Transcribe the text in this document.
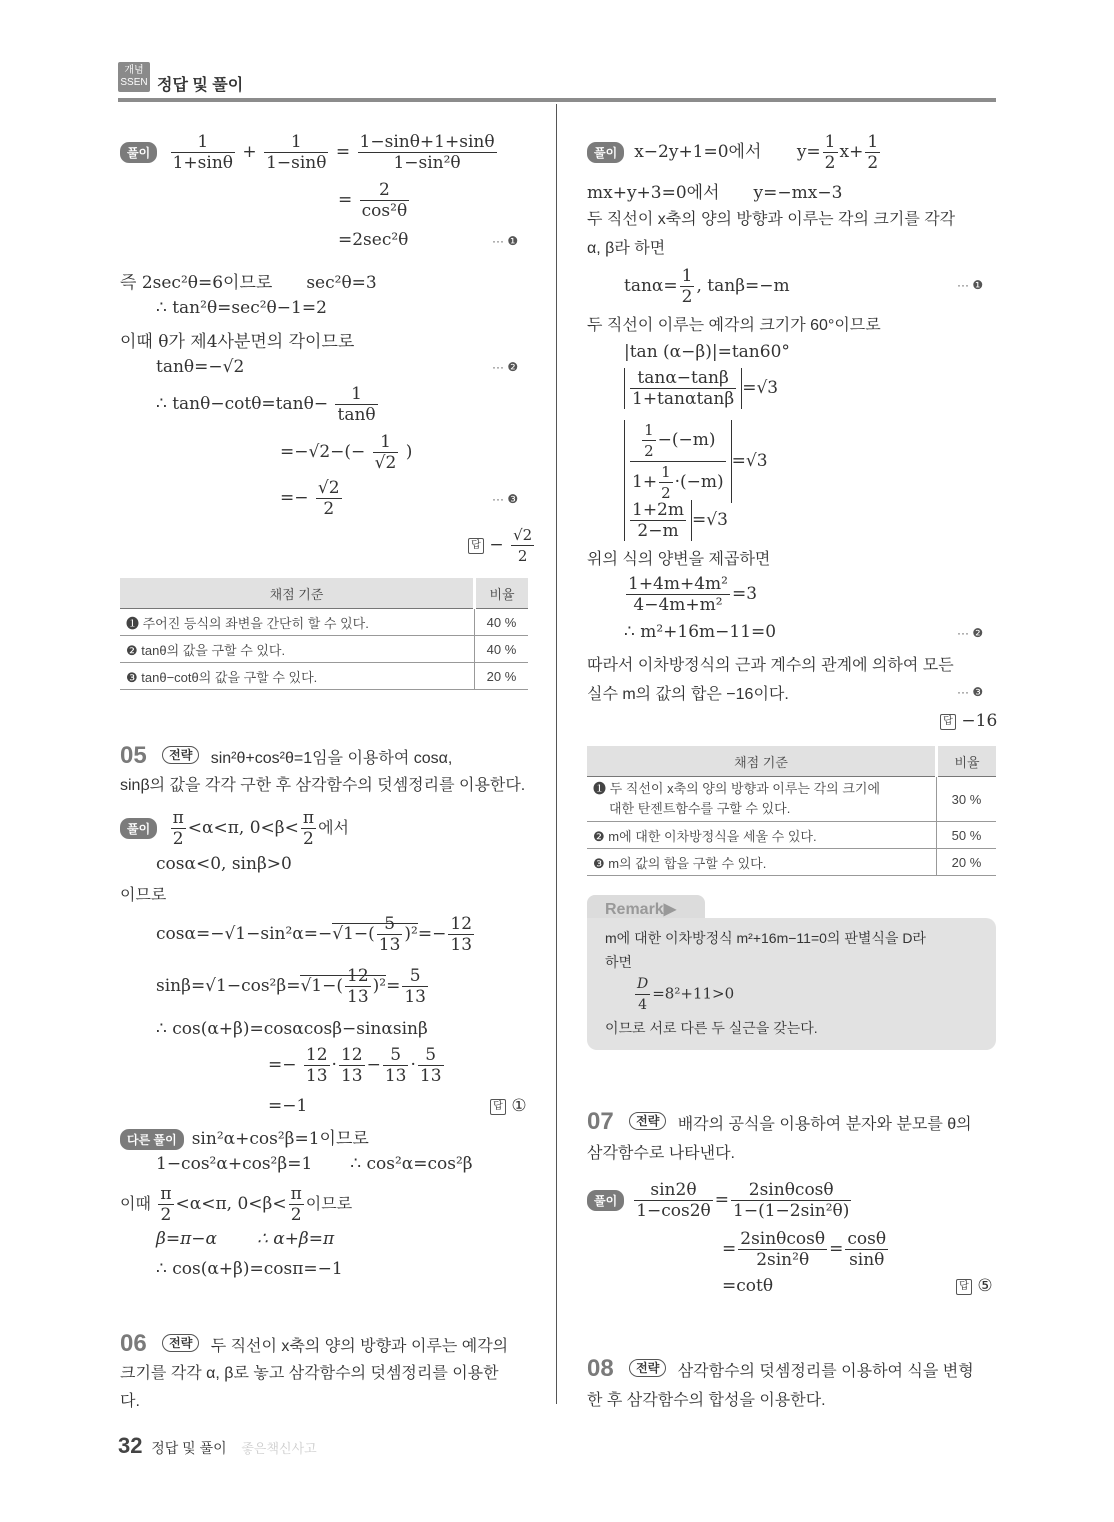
개념
SSEN 정답 및 풀이
풀이 $\frac{1}{1+\sin\theta} + \frac{1}{1-\sin\theta} = \frac{1-\sin\theta+1+\sin\theta}{\text{1−sin²θ}}$
= $\frac{2}{\text{cos²θ}}$
=2sec²θ	··· ❶
즉 2sec²θ=6이므로 sec²θ=3
∴ tan²θ=sec²θ−1=2
이때 θ가 제4사분면의 각이므로
tanθ=−√2	··· ❷
∴ $\tan\theta-\cot\theta=\tan\theta- \frac{1}{\tan\theta}$
$=-√2-(- \frac{1}{√2}$ )
=− $\frac{√2}{2}$	··· ❸
답 − $\frac{√2}{2}$
채점 기준	비율
❶ 주어진 등식의 좌변을 간단히 할 수 있다.	40 %
❷ tanθ의 값을 구할 수 있다.	40 %
❸ tanθ−cotθ의 값을 구할 수 있다.	20 %
05 전략 sin²θ+cos²θ=1임을 이용하여 cosα,
sinβ의 값을 각각 구한 후 삼각함수의 덧셈정리를 이용한다.
풀이 $\frac{\pi}{2} <\alpha<\pi$, $0<\beta< \frac{\pi}{2}$ 에서
cosα<0, sinβ>0
이므로
$\cos\alpha=-√1-\sin^2\alpha=-√1-( \frac{5}{13} )^2=- \frac{12}{13}$
$\sin\beta=√1-\cos^2\beta=√1-( \frac{12}{13} )^2= \frac{5}{13}$
∴ cos(α+β)=cosαcosβ−sinαsinβ
=− $\frac{12}{13} \cdot \frac{12}{13} - \frac{5}{13} \cdot \frac{5}{13}$
=−1	답 ①
다른 풀이 sin²α+cos²β=1이므로
1−cos²α+cos²β=1 ∴ cos²α=cos²β
이때 $\frac{\pi}{2} <\alpha<\pi$, $0<\beta< \frac{\pi}{2}$ 이므로
β=π−α ∴ α+β=π
∴ cos(α+β)=cosπ=−1
06 전략 두 직선이 x축의 양의 방향과 이루는 예각의
크기를 각각 α, β로 놓고 삼각함수의 덧셈정리를 이용한
다.
풀이 x−2y+1=0에서 $y= \frac{1}{2} x+ \frac{1}{2}$
mx+y+3=0에서 y=−mx−3
두 직선이 x축의 양의 방향과 이루는 각의 크기를 각각
α, β라 하면
$\tan\alpha= \frac{1}{2}$ , tanβ=−m	··· ❶
두 직선이 이루는 예각의 크기가 60°이므로
|tan (α−β)|=tan60°
$\frac{\tan\alpha-\tan\beta}{1+\tan\alpha\tan\beta} =√3$
$\frac{\frac{1}{2} -(-m)}{1+ \frac{1}{2} \cdot(-m)} =√3$
$\frac{1+2m}{2-m} =√3$
위의 식의 양변을 제곱하면
$\frac{\text{1+4m+4m²}}{\text{4−4m+m²}} =3$
∴ m²+16m−11=0	··· ❷
따라서 이차방정식의 근과 계수의 관계에 의하여 모든
실수 m의 값의 합은 −16이다.	··· ❸
답 −16
채점 기준	비율

❶ 두 직선이 x축의 양의 방향과 이루는 각의 크기에
대한 탄젠트함수를 구할 수 있다.	30 %
❷ m에 대한 이차방정식을 세울 수 있다.	50 %
❸ m의 값의 합을 구할 수 있다.	20 %
Remark▶
m에 대한 이차방정식 m²+16m−11=0의 판별식을 D라
하면
$\frac{D}{4} =8^2+11>0$
이므로 서로 다른 두 실근을 갖는다.
07 전략 배각의 공식을 이용하여 분자와 분모를 θ의
삼각함수로 나타낸다.
풀이 $\frac{\sin 2\theta}{1-\cos 2\theta} = \frac{2\sin\theta\cos\theta}{\text{1−(1−2sin²θ)}}$
= $\frac{2\sin\theta\cos\theta}{\text{2sin²θ}} = \frac{\cos\theta}{\sin\theta}$
=cotθ	답 ⑤
08 전략 삼각함수의 덧셈정리를 이용하여 식을 변형
한 후 삼각함수의 합성을 이용한다.
32 정답 및 풀이 좋은책신사고
